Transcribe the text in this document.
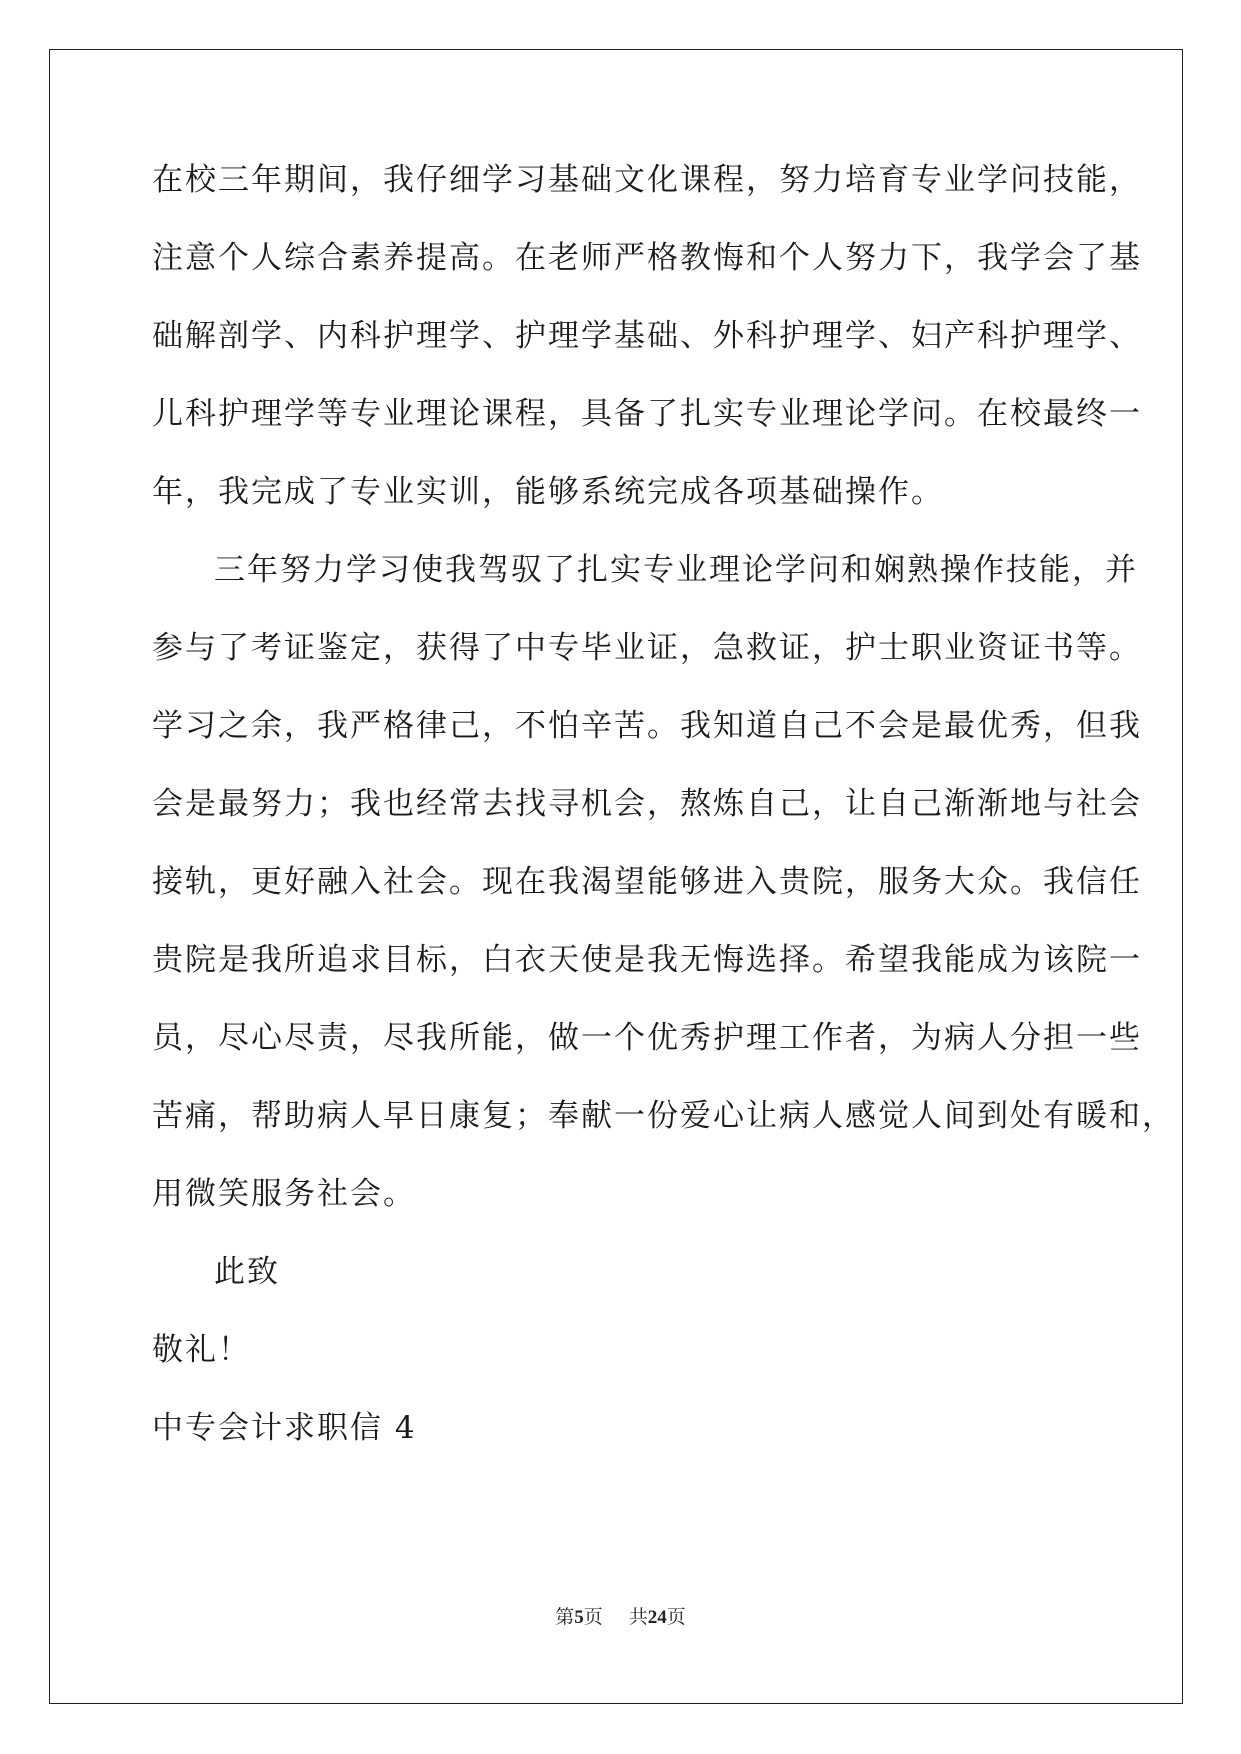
在校三年期间，我仔细学习基础文化课程，努力培育专业学问技能，
注意个人综合素养提高。在老师严格教悔和个人努力下，我学会了基
础解剖学、内科护理学、护理学基础、外科护理学、妇产科护理学、
儿科护理学等专业理论课程，具备了扎实专业理论学问。在校最终一
年，我完成了专业实训，能够系统完成各项基础操作。
三年努力学习使我驾驭了扎实专业理论学问和娴熟操作技能，并
参与了考证鉴定，获得了中专毕业证，急救证，护士职业资证书等。
学习之余，我严格律己，不怕辛苦。我知道自己不会是最优秀，但我
会是最努力；我也经常去找寻机会，熬炼自己，让自己渐渐地与社会
接轨，更好融入社会。现在我渴望能够进入贵院，服务大众。我信任
贵院是我所追求目标，白衣天使是我无悔选择。希望我能成为该院一
员，尽心尽责，尽我所能，做一个优秀护理工作者，为病人分担一些
苦痛，帮助病人早日康复；奉献一份爱心让病人感觉人间到处有暖和，
用微笑服务社会。
此致
敬礼！
中专会计求职信 4
第5页 共24页
